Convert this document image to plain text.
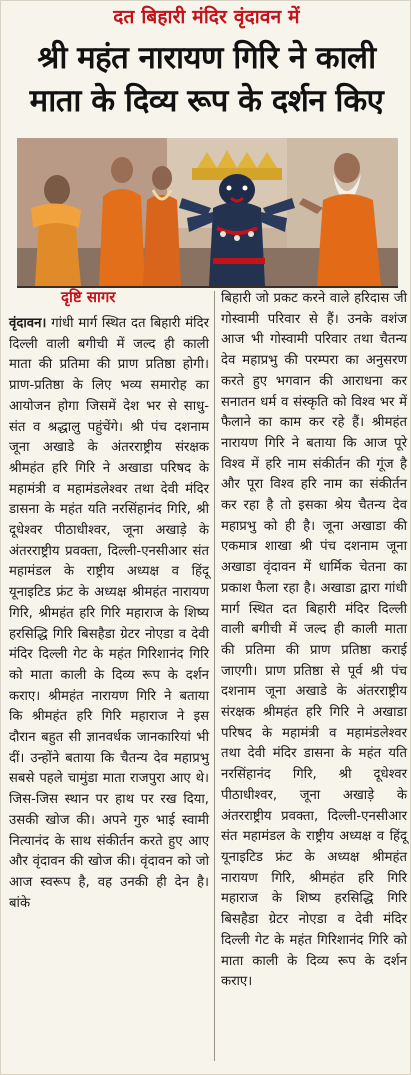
दत बिहारी मंदिर वृंदावन में
श्री महंत नारायण गिरि ने काली माता के दिव्य रूप के दर्शन किए
दृष्टि सागर
वृंदावन। गांधी मार्ग स्थित दत बिहारी मंदिर दिल्ली वाली बगीची में जल्द ही काली माता की प्रतिमा की प्राण प्रतिष्ठा होगी। प्राण-प्रतिष्ठा के लिए भव्य समारोह का आयोजन होगा जिसमें देश भर से साधु-संत व श्रद्धालु पहुंचेंगे। श्री पंच दशनाम जूना अखाडे के अंतरराष्ट्रीय संरक्षक श्रीमहंत हरि गिरि ने अखाडा परिषद के महामंत्री व महामंडलेश्वर तथा देवी मंदिर डासना के महंत यति नरसिंहानंद गिरि, श्री दूधेश्वर पीठाधीश्वर, जूना अखाड़े के अंतरराष्ट्रीय प्रवक्ता, दिल्ली-एनसीआर संत महामंडल के राष्ट्रीय अध्यक्ष व हिंदू यूनाइटिड फ्रंट के अध्यक्ष श्रीमहंत नारायण गिरि, श्रीमहंत हरि गिरि महाराज के शिष्य हरसिद्धि गिरि बिसहैडा ग्रेटर नोएडा व देवी मंदिर दिल्ली गेट के महंत गिरिशानंद गिरि को माता काली के दिव्य रूप के दर्शन कराए। श्रीमहंत नारायण गिरि ने बताया कि श्रीमहंत हरि गिरि महाराज ने इस दौरान बहुत सी ज्ञानवर्धक जानकारियां भी दीं। उन्होंने बताया कि चैतन्य देव महाप्रभु सबसे पहले चामुंडा माता राजपुरा आए थे। जिस-जिस स्थान पर हाथ पर रख दिया, उसकी खोज की। अपने गुरु भाई स्वामी नित्यानंद के साथ संकीर्तन करते हुए आए और वृंदावन की खोज की। वृंदावन को जो आज स्वरूप है, वह उनकी ही देन है। बांके
बिहारी जो प्रकट करने वाले हरिदास जी गोस्वामी परिवार से हैं। उनके वशंज आज भी गोस्वामी परिवार तथा चैतन्य देव महाप्रभु की परम्परा का अनुसरण करते हुए भगवान की आराधना कर सनातन धर्म व संस्कृति को विश्व भर में फैलाने का काम कर रहे हैं। श्रीमहंत नारायण गिरि ने बताया कि आज पूरे विश्व में हरि नाम संकीर्तन की गूंज है और पूरा विश्व हरि नाम का संकीर्तन कर रहा है तो इसका श्रेय चैतन्य देव महाप्रभु को ही है। जूना अखाडा की एकमात्र शाखा श्री पंच दशनाम जूना अखाडा वृंदावन में धार्मिक चेतना का प्रकाश फैला रहा है। अखाडा द्वारा गांधी मार्ग स्थित दत बिहारी मंदिर दिल्ली वाली बगीची में जल्द ही काली माता की प्रतिमा की प्राण प्रतिष्ठा कराई जाएगी। प्राण प्रतिष्ठा से पूर्व श्री पंच दशनाम जूना अखाडे के अंतरराष्ट्रीय संरक्षक श्रीमहंत हरि गिरि ने अखाडा परिषद के महामंत्री व महामंडलेश्वर तथा देवी मंदिर डासना के महंत यति नरसिंहानंद गिरि, श्री दूधेश्वर पीठाधीश्वर, जूना अखाड़े के अंतरराष्ट्रीय प्रवक्ता, दिल्ली-एनसीआर संत महामंडल के राष्ट्रीय अध्यक्ष व हिंदू यूनाइटिड फ्रंट के अध्यक्ष श्रीमहंत नारायण गिरि, श्रीमहंत हरि गिरि महाराज के शिष्य हरसिद्धि गिरि बिसहैडा ग्रेटर नोएडा व देवी मंदिर दिल्ली गेट के महंत गिरिशानंद गिरि को माता काली के दिव्य रूप के दर्शन कराए।
